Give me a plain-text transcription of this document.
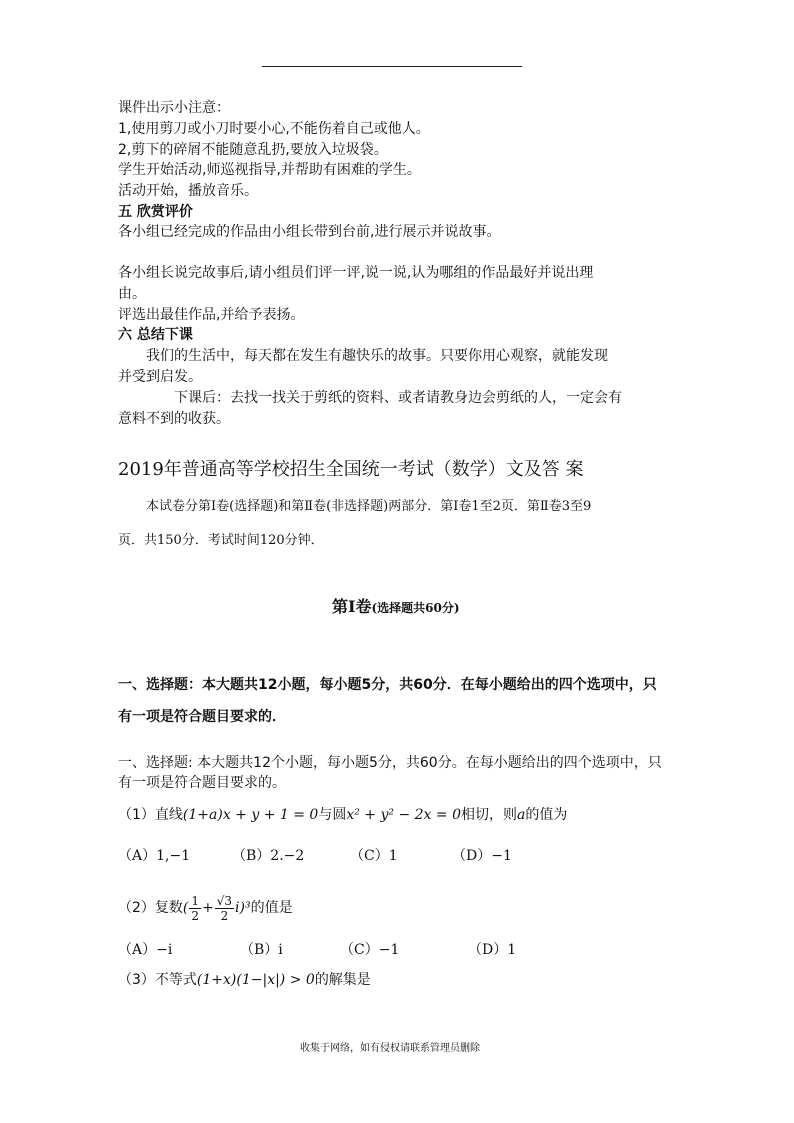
课件出示小注意：
1,使用剪刀或小刀时要小心,不能伤着自己或他人。
2,剪下的碎屑不能随意乱扔,要放入垃圾袋。
学生开始活动,师巡视指导,并帮助有困难的学生。
活动开始，播放音乐。
五 欣赏评价
各小组已经完成的作品由小组长带到台前,进行展示并说故事。
各小组长说完故事后,请小组员们评一评,说一说,认为哪组的作品最好并说出理
由。
评选出最佳作品,并给予表扬。
六 总结下课
我们的生活中，每天都在发生有趣快乐的故事。只要你用心观察，就能发现
并受到启发。
下课后：去找一找关于剪纸的资料、或者请教身边会剪纸的人，一定会有
意料不到的收获。
2019年普通高等学校招生全国统一考试（数学）文及答 案
本试卷分第Ⅰ卷(选择题)和第Ⅱ卷(非选择题)两部分．第Ⅰ卷1至2页．第Ⅱ卷3至9
页．共150分．考试时间120分钟．
第Ⅰ卷(选择题共60分)
一、选择题：本大题共12小题，每小题5分，共60分．在每小题给出的四个选项中，只
有一项是符合题目要求的．
一、选择题: 本大题共12个小题，每小题5分，共60分。在每小题给出的四个选项中，只
有一项是符合题目要求的。
（1）直线(1+a)x + y + 1 = 0与圆x² + y² − 2x = 0相切，则a的值为
（A）1,−1	（B）2.−2	（C）1	（D）−1
（2）复数( $\frac{1}{2} + \frac{√3}{2} i)^3$的值是
（A）−i	（B）i	（C）−1	（D）1
（3）不等式(1+x)(1−|x|) > 0的解集是
收集于网络，如有侵权请联系管理员删除
